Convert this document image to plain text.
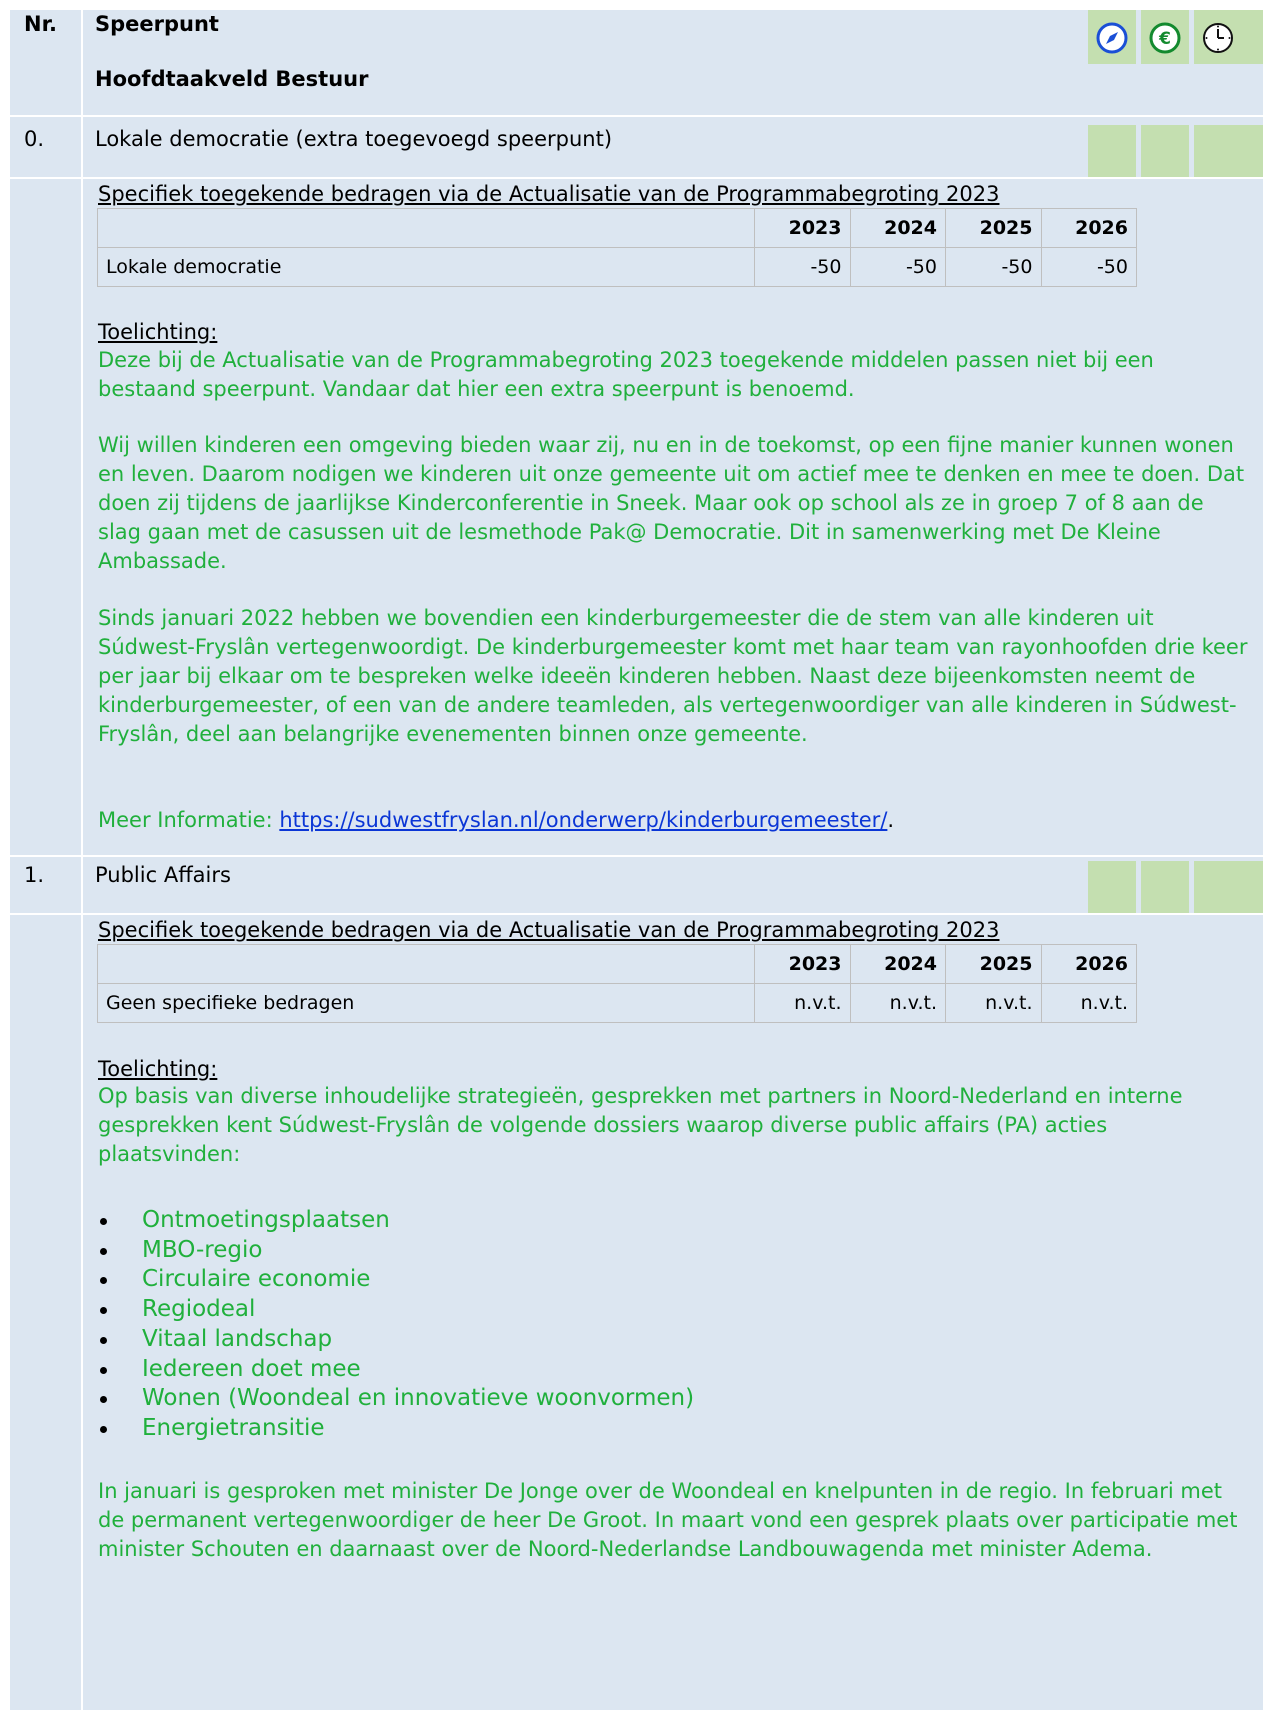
Nr. Speerpunt
€
Hoofdtaakveld Bestuur
0. Lokale democratie (extra toegevoegd speerpunt)
Specifiek toegekende bedragen via de Actualisatie van de Programmabegroting 2023
	2023	2024	2025	2026
Lokale democratie	-50	-50	-50	-50
Toelichting:

Deze bij de Actualisatie van de Programmabegroting 2023 toegekende middelen passen niet bij een bestaand speerpunt. Vandaar dat hier een extra speerpunt is benoemd.

Wij willen kinderen een omgeving bieden waar zij, nu en in de toekomst, op een fijne manier kunnen wonen en leven. Daarom nodigen we kinderen uit onze gemeente uit om actief mee te denken en mee te doen. Dat doen zij tijdens de jaarlijkse Kinderconferentie in Sneek. Maar ook op school als ze in groep 7 of 8 aan de slag gaan met de casussen uit de lesmethode Pak@ Democratie. Dit in samenwerking met De Kleine Ambassade.

Sinds januari 2022 hebben we bovendien een kinderburgemeester die de stem van alle kinderen uit Súdwest-Fryslân vertegenwoordigt. De kinderburgemeester komt met haar team van rayonhoofden drie keer per jaar bij elkaar om te bespreken welke ideeën kinderen hebben. Naast deze bijeenkomsten neemt de kinderburgemeester, of een van de andere teamleden, als vertegenwoordiger van alle kinderen in Súdwest-Fryslân, deel aan belangrijke evenementen binnen onze gemeente.

Meer Informatie: https://sudwestfryslan.nl/onderwerp/kinderburgemeester/.

1. Public Affairs
Specifiek toegekende bedragen via de Actualisatie van de Programmabegroting 2023
	2023	2024	2025	2026
Geen specifieke bedragen	n.v.t.	n.v.t.	n.v.t.	n.v.t.
Toelichting:

Op basis van diverse inhoudelijke strategieën, gesprekken met partners in Noord-Nederland en interne gesprekken kent Súdwest-Fryslân de volgende dossiers waarop diverse public affairs (PA) acties plaatsvinden:

Ontmoetingsplaatsen
MBO-regio
Circulaire economie
Regiodeal
Vitaal landschap
Iedereen doet mee
Wonen (Woondeal en innovatieve woonvormen)
Energietransitie

In januari is gesproken met minister De Jonge over de Woondeal en knelpunten in de regio. In februari met de permanent vertegenwoordiger de heer De Groot. In maart vond een gesprek plaats over participatie met minister Schouten en daarnaast over de Noord-Nederlandse Landbouwagenda met minister Adema.
